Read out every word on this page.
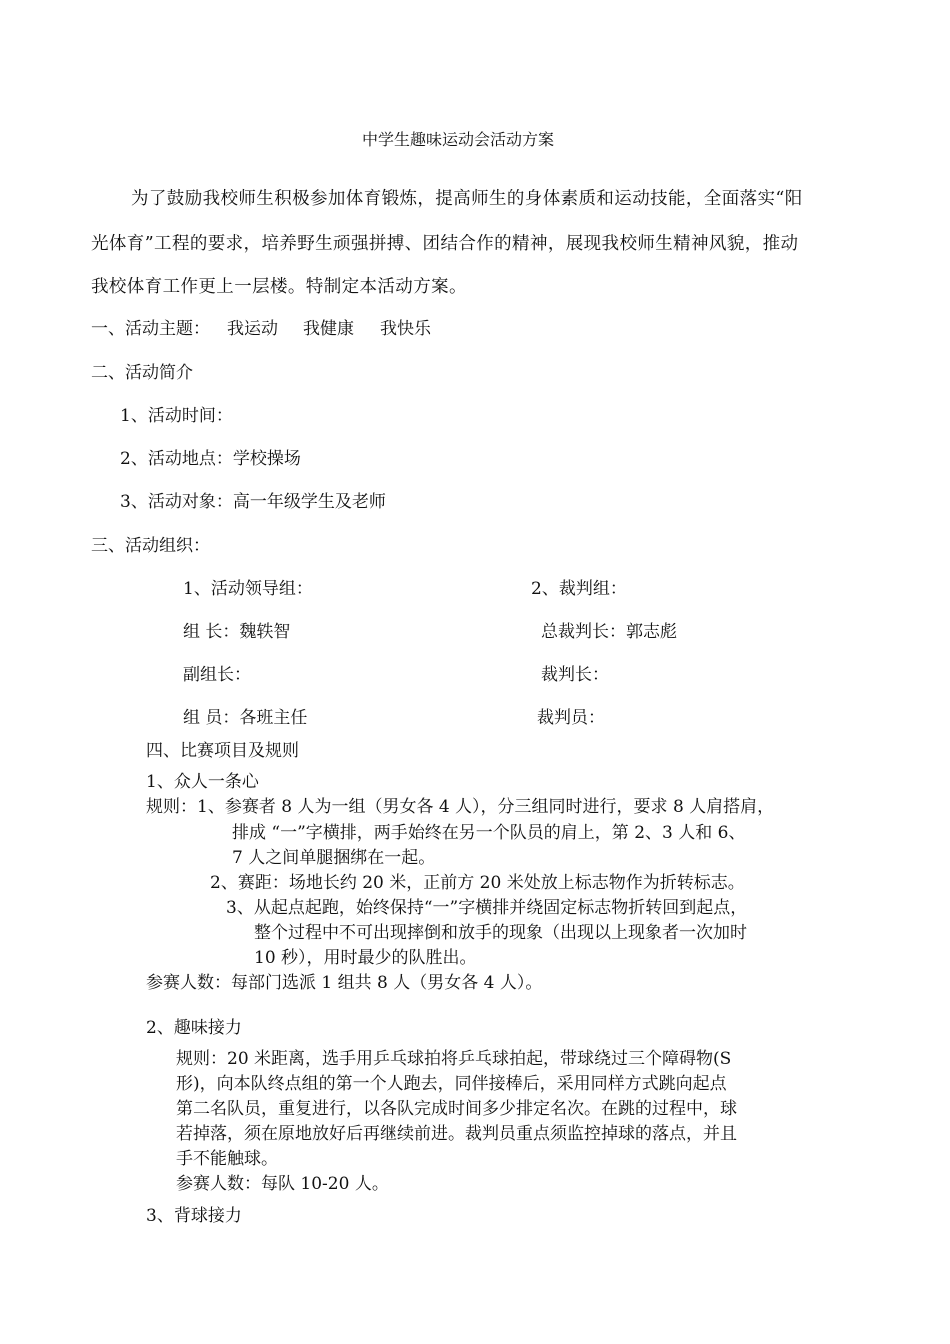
中学生趣味运动会活动方案
为了鼓励我校师生积极参加体育锻炼，提高师生的身体素质和运动技能，全面落实“阳
光体育”工程的要求，培养野生顽强拼搏、团结合作的精神，展现我校师生精神风貌，推动
我校体育工作更上一层楼。特制定本活动方案。
一、活动主题： 我运动 我健康 我快乐
二、活动简介
1、活动时间：
2、活动地点：学校操场
3、活动对象：高一年级学生及老师
三、活动组织：
1、活动领导组：	2、裁判组：
组 长：魏轶智	总裁判长：郭志彪
副组长：	裁判长：
组 员：各班主任	裁判员：
四、比赛项目及规则
1、众人一条心
规则：1、参赛者 8 人为一组（男女各 4 人），分三组同时进行，要求 8 人肩搭肩，
排成 “一”字横排，两手始终在另一个队员的肩上，第 2、3 人和 6、
7 人之间单腿捆绑在一起。
2、赛距：场地长约 20 米，正前方 20 米处放上标志物作为折转标志。
3、从起点起跑，始终保持“一”字横排并绕固定标志物折转回到起点，
整个过程中不可出现摔倒和放手的现象（出现以上现象者一次加时
10 秒），用时最少的队胜出。
参赛人数：每部门选派 1 组共 8 人（男女各 4 人）。
2、趣味接力
规则：20 米距离，选手用乒乓球拍将乒乓球拍起，带球绕过三个障碍物(S
形)，向本队终点组的第一个人跑去，同伴接棒后，采用同样方式跳向起点
第二名队员，重复进行，以各队完成时间多少排定名次。在跳的过程中，球
若掉落，须在原地放好后再继续前进。裁判员重点须监控掉球的落点，并且
手不能触球。
参赛人数：每队 10-20 人。
3、背球接力
